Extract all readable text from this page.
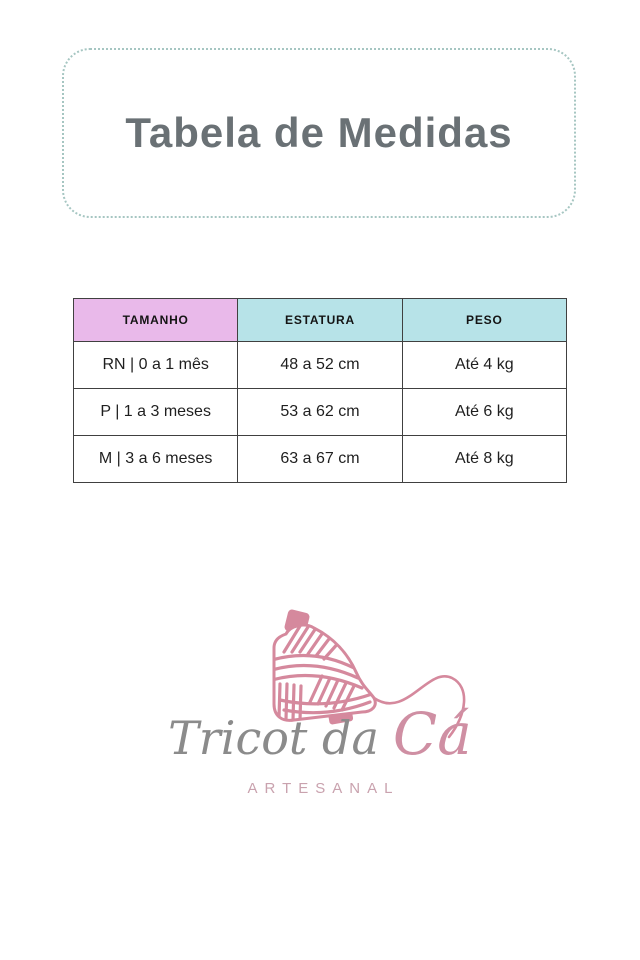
Tabela de Medidas
TAMANHO	ESTATURA	PESO
RN | 0 a 1 mês	48 a 52 cm	Até 4 kg
P | 1 a 3 meses	53 a 62 cm	Até 6 kg
M | 3 a 6 meses	63 a 67 cm	Até 8 kg
Tricot da Cá
ARTESANAL
